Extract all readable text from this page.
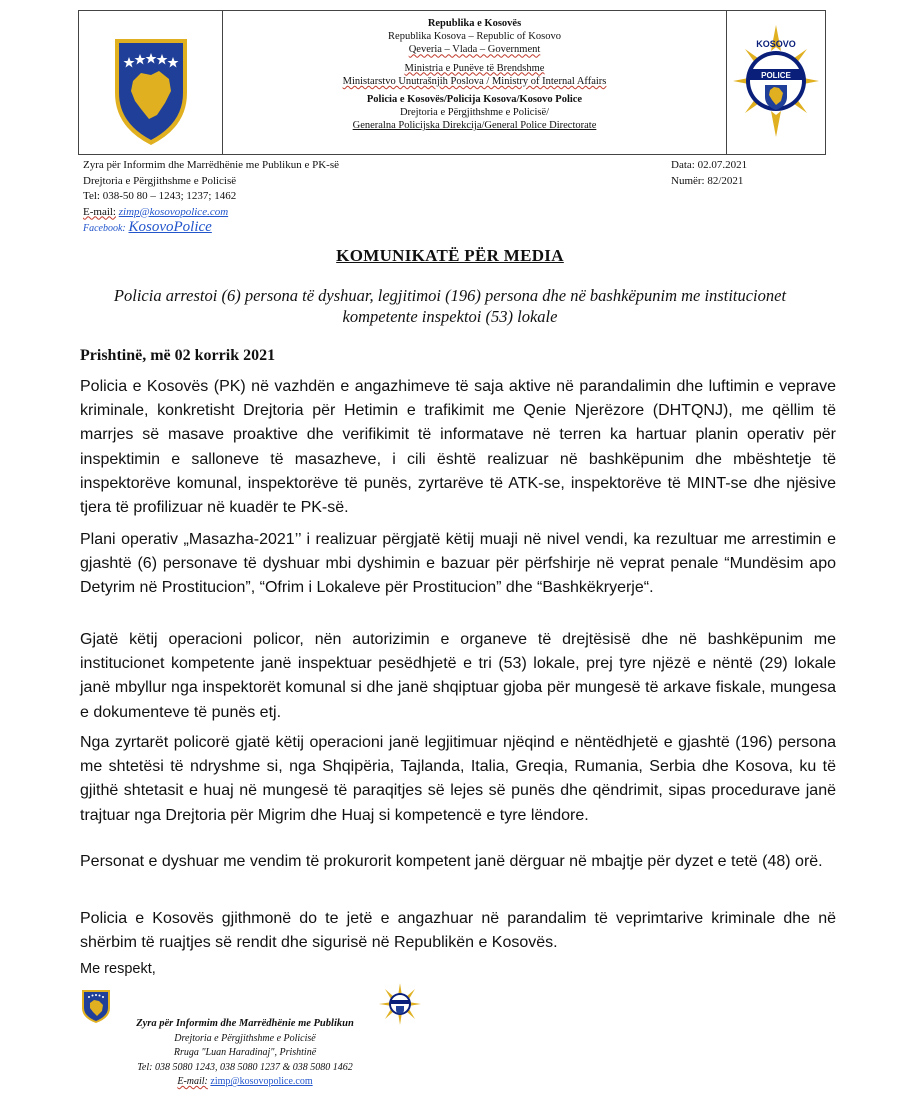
Republika e Kosovës
Republika Kosova – Republic of Kosovo
Qeveria – Vlada – Government
Ministria e Punëve të Brendshme
Ministarstvo Unutrašnjih Poslova / Ministry of Internal Affairs
Policia e Kosovës/Policija Kosova/Kosovo Police
Drejtoria e Përgjithshme e Policisë/
Generalna Policijska Direkcija/General Police Directorate
KOSOVO
POLICE
Zyra për Informim dhe Marrëdhënie me Publikun e PK-së
Drejtoria e Përgjithshme e Policisë
Tel: 038-50 80 – 1243; 1237; 1462
E-mail: zimp@kosovopolice.com
Facebook: KosovoPolice
Data: 02.07.2021
Numër: 82/2021
KOMUNIKATË PËR MEDIA
Policia arrestoi (6) persona të dyshuar, legjitimoi (196) persona dhe në bashkëpunim me institucionet kompetente inspektoi (53) lokale
Prishtinë, më 02 korrik 2021
Policia e Kosovës (PK) në vazhdën e angazhimeve të saja aktive në parandalimin dhe luftimin e veprave kriminale, konkretisht Drejtoria për Hetimin e trafikimit me Qenie Njerëzore (DHTQNJ), me qëllim të marrjes së masave proaktive dhe verifikimit të informatave në terren ka hartuar planin operativ për inspektimin e salloneve të masazheve, i cili është realizuar në bashkëpunim dhe mbështetje të inspektorëve komunal, inspektorëve të punës, zyrtarëve të ATK-se, inspektorëve të MINT-se dhe njësive tjera të profilizuar në kuadër te PK-së.
Plani operativ „Masazha-2021’’ i realizuar përgjatë këtij muaji në nivel vendi, ka rezultuar me arrestimin e gjashtë (6) personave të dyshuar mbi dyshimin e bazuar për përfshirje në veprat penale “Mundësim apo Detyrim në Prostitucion”, “Ofrim i Lokaleve për Prostitucion” dhe “Bashkëkryerje“.
Gjatë këtij operacioni policor, nën autorizimin e organeve të drejtësisë dhe në bashkëpunim me institucionet kompetente janë inspektuar pesëdhjetë e tri (53) lokale, prej tyre njëzë e nëntë (29) lokale janë mbyllur nga inspektorët komunal si dhe janë shqiptuar gjoba për mungesë të arkave fiskale, mungesa e dokumenteve të punës etj.
Nga zyrtarët policorë gjatë këtij operacioni janë legjitimuar njëqind e nëntëdhjetë e gjashtë (196) persona me shtetësi të ndryshme si, nga Shqipëria, Tajlanda, Italia, Greqia, Rumania, Serbia dhe Kosova, ku të gjithë shtetasit e huaj në mungesë të paraqitjes së lejes së punës dhe qëndrimit, sipas procedurave janë trajtuar nga Drejtoria për Migrim dhe Huaj si kompetencë e tyre lëndore.
Personat e dyshuar me vendim të prokurorit kompetent janë dërguar në mbajtje për dyzet e tetë (48) orë.
Policia e Kosovës gjithmonë do te jetë e angazhuar në parandalim të veprimtarive kriminale dhe në shërbim të ruajtjes së rendit dhe sigurisë në Republikën e Kosovës.
Me respekt,
Zyra për Informim dhe Marrëdhënie me Publikun
Drejtoria e Përgjithshme e Policisë
Rruga "Luan Haradinaj", Prishtinë
Tel: 038 5080 1243, 038 5080 1237 & 038 5080 1462
E-mail: zimp@kosovopolice.com
